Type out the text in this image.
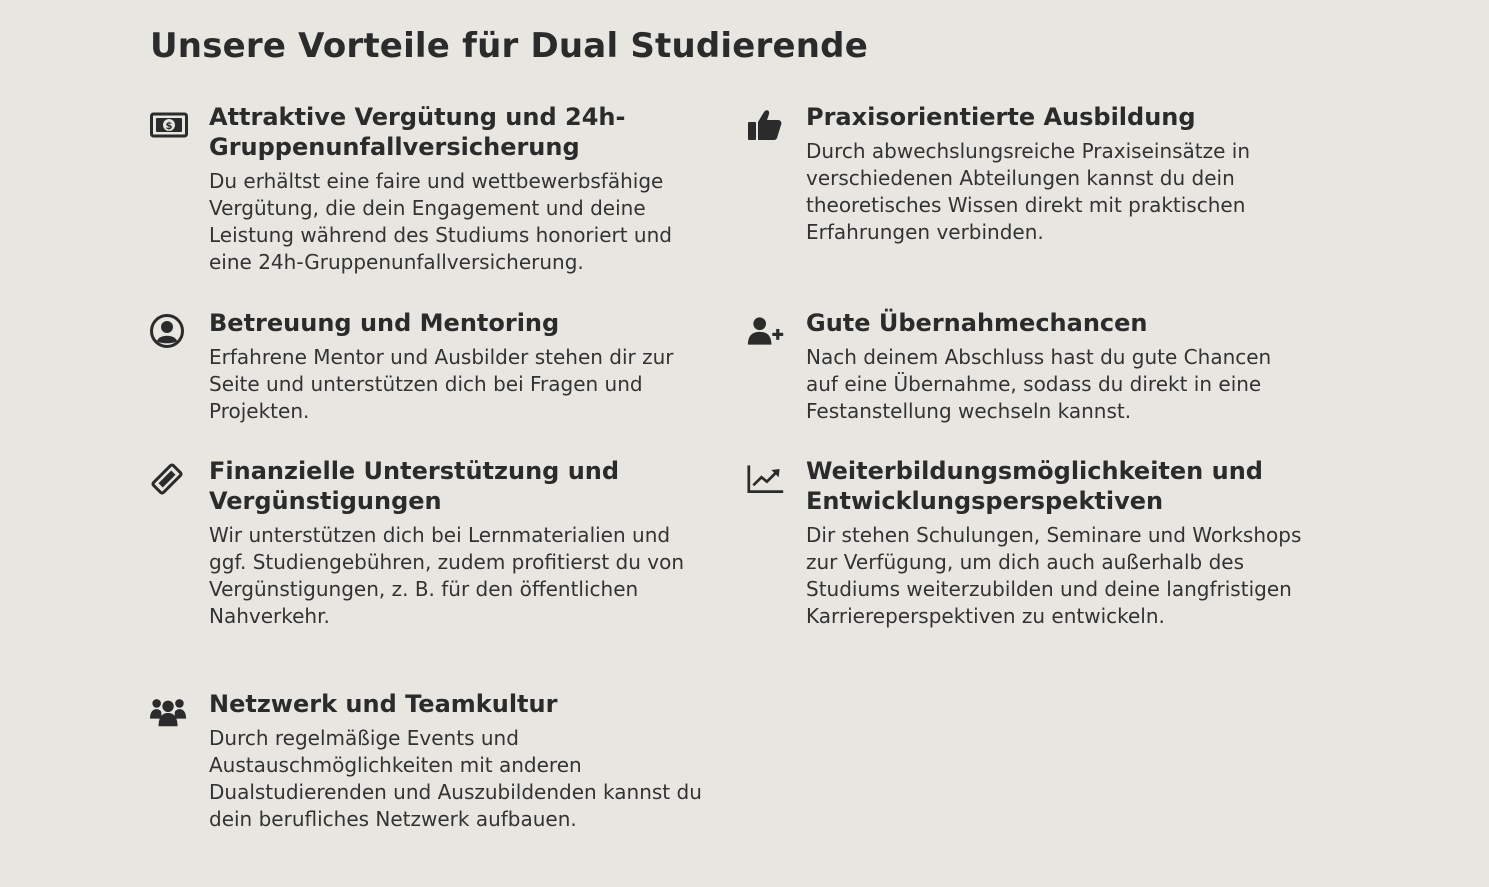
Unsere Vorteile für Dual Studierende
$ Attraktive Vergütung und 24h-Gruppenunfallversicherung

Du erhältst eine faire und wettbewerbsfähige Vergütung, die dein Engagement und deine Leistung während des Studiums honoriert und eine 24h-Gruppenunfallversicherung.

Praxisorientierte Ausbildung

Durch abwechslungsreiche Praxiseinsätze in verschiedenen Abteilungen kannst du dein theoretisches Wissen direkt mit praktischen Erfahrungen verbinden.

Betreuung und Mentoring

Erfahrene Mentor und Ausbilder stehen dir zur Seite und unterstützen dich bei Fragen und Projekten.

Gute Übernahmechancen

Nach deinem Abschluss hast du gute Chancen auf eine Übernahme, sodass du direkt in eine Festanstellung wechseln kannst.

Finanzielle Unterstützung und Vergünstigungen

Wir unterstützen dich bei Lernmaterialien und ggf. Studiengebühren, zudem profitierst du von Vergünstigungen, z. B. für den öffentlichen Nahverkehr.

Weiterbildungsmöglichkeiten und Entwicklungsperspektiven

Dir stehen Schulungen, Seminare und Workshops zur Verfügung, um dich auch außerhalb des Studiums weiterzubilden und deine langfristigen Karriereperspektiven zu entwickeln.

Netzwerk und Teamkultur

Durch regelmäßige Events und Austauschmöglichkeiten mit anderen Dualstudierenden und Auszubildenden kannst du dein berufliches Netzwerk aufbauen.
